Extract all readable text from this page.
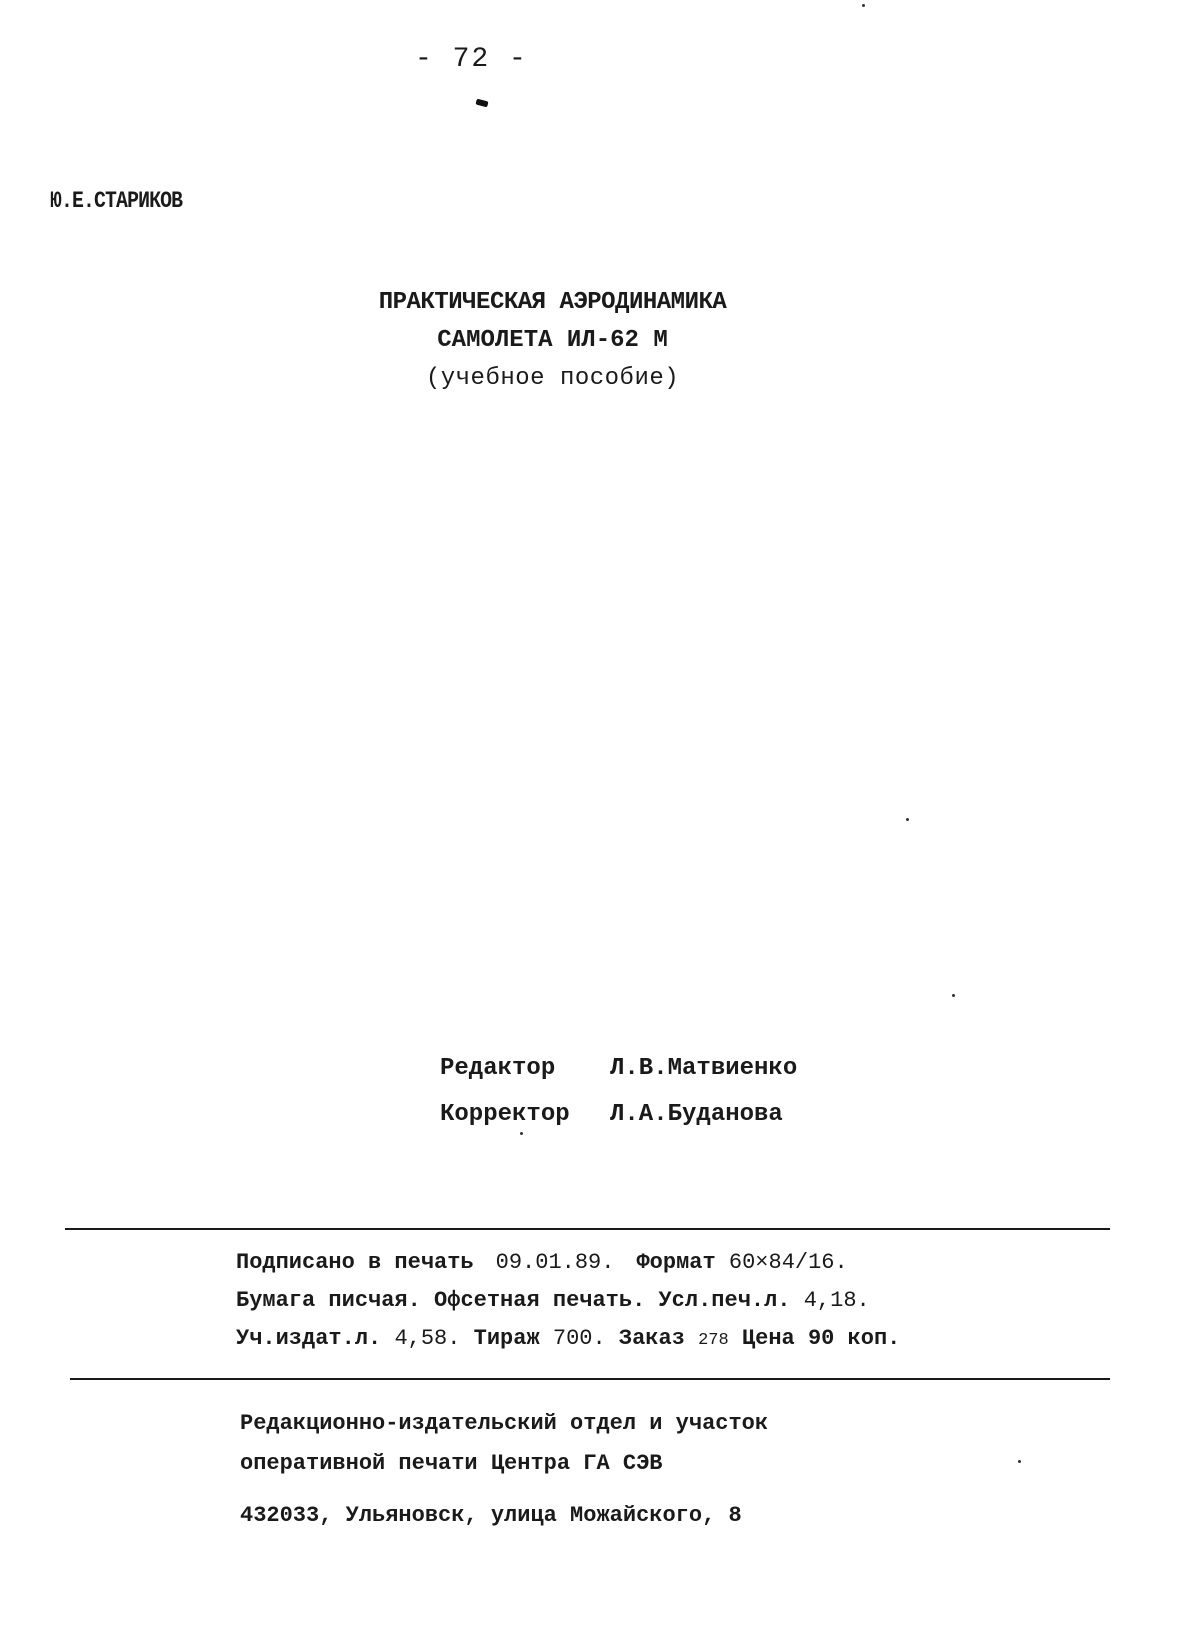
- 72 -
Ю.Е.СТАРИКОВ
ПРАКТИЧЕСКАЯ АЭРОДИНАМИКА
САМОЛЕТА ИЛ-62 М
(учебное пособие)
Редактор Л.В.Матвиенко
Корректор Л.А.Буданова
Подписано в печать 09.01.89. Формат 60×84/16.
Бумага писчая. Офсетная печать. Усл.печ.л. 4,18.
Уч.издат.л. 4,58. Тираж 700. Заказ 278 Цена 90 коп.
Редакционно-издательский отдел и участок
оперативной печати Центра ГА СЭВ
432033, Ульяновск, улица Можайского, 8
